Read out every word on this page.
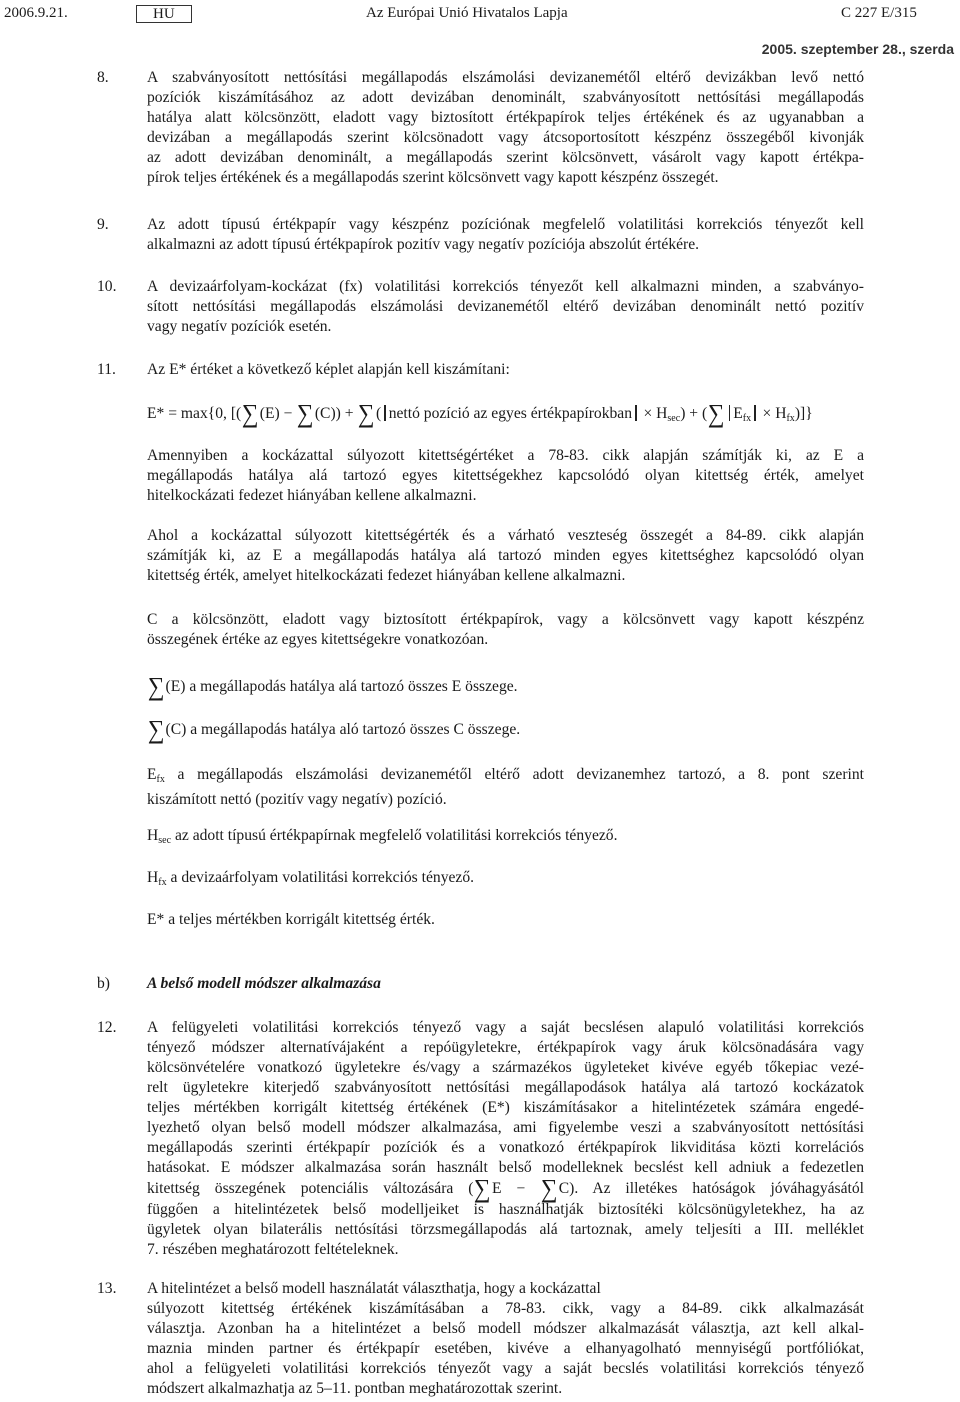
2006.9.21.	HU	Az Európai Unió Hivatalos Lapja	C 227 E/315
2005. szeptember 28., szerda
8. A szabványosított nettósítási megállapodás elszámolási devizanemétől eltérő devizákban levő nettó

pozíciók kiszámításához az adott devizában denominált, szabványosított nettósítási megállapodás

hatálya alatt kölcsönzött, eladott vagy biztosított értékpapírok teljes értékének és az ugyanabban a

devizában a megállapodás szerint kölcsönadott vagy átcsoportosított készpénz összegéből kivonják

az adott devizában denominált, a megállapodás szerint kölcsönvett, vásárolt vagy kapott értékpa-

pírok teljes értékének és a megállapodás szerint kölcsönvett vagy kapott készpénz összegét.

9. Az adott típusú értékpapír vagy készpénz pozíciónak megfelelő volatilitási korrekciós tényezőt kell

alkalmazni az adott típusú értékpapírok pozitív vagy negatív pozíciója abszolút értékére.

10. A devizaárfolyam-kockázat (fx) volatilitási korrekciós tényezőt kell alkalmazni minden, a szabványo-

sított nettósítási megállapodás elszámolási devizanemétől eltérő devizában denominált nettó pozitív

vagy negatív pozíciók esetén.

11. Az E* értéket a következő képlet alapján kell kiszámítani:

E* = max{0, [(∑(E) − ∑(C)) + ∑( nettó pozíció az egyes értékpapírokban × $H_{sec}$) + (∑ $E_{fx} \times H_{fx}$)]}

Amennyiben a kockázattal súlyozott kitettségértéket a 78-83. cikk alapján számítják ki, az E a

megállapodás hatálya alá tartozó egyes kitettségekhez kapcsolódó olyan kitettség érték, amelyet

hitelkockázati fedezet hiányában kellene alkalmazni.

Ahol a kockázattal súlyozott kitettségérték és a várható veszteség összegét a 84-89. cikk alapján

számítják ki, az E a megállapodás hatálya alá tartozó minden egyes kitettséghez kapcsolódó olyan

kitettség érték, amelyet hitelkockázati fedezet hiányában kellene alkalmazni.

C a kölcsönzött, eladott vagy biztosított értékpapírok, vagy a kölcsönvett vagy kapott készpénz

összegének értéke az egyes kitettségekre vonatkozóan.

∑(E) a megállapodás hatálya alá tartozó összes E összege.

∑(C) a megállapodás hatálya aló tartozó összes C összege.

$E_{fx}$ a megállapodás elszámolási devizanemétől eltérő adott devizanemhez tartozó, a 8. pont szerint

kiszámított nettó (pozitív vagy negatív) pozíció.

$H_{sec}$ az adott típusú értékpapírnak megfelelő volatilitási korrekciós tényező.

$H_{fx}$ a devizaárfolyam volatilitási korrekciós tényező.

E* a teljes mértékben korrigált kitettség érték.

b) A belső modell módszer alkalmazása

12. A felügyeleti volatilitási korrekciós tényező vagy a saját becslésen alapuló volatilitási korrekciós

tényező módszer alternatívájaként a repóügyletekre, értékpapírok vagy áruk kölcsönadására vagy

kölcsönvételére vonatkozó ügyletekre és/vagy a származékos ügyleteket kivéve egyéb tőkepiac vezé-

relt ügyletekre kiterjedő szabványosított nettósítási megállapodások hatálya alá tartozó kockázatok

teljes mértékben korrigált kitettség értékének (E*) kiszámításakor a hitelintézetek számára engedé-

lyezhető olyan belső modell módszer alkalmazása, ami figyelembe veszi a szabványosított nettósítási

megállapodás szerinti értékpapír pozíciók és a vonatkozó értékpapírok likviditása közti korrelációs

hatásokat. E módszer alkalmazása során használt belső modelleknek becslést kell adniuk a fedezetlen

kitettség összegének potenciális változására (∑E − ∑C). Az illetékes hatóságok jóváhagyásától

függően a hitelintézetek belső modelljeiket is használhatják biztosítéki kölcsönügyletekhez, ha az

ügyletek olyan bilaterális nettósítási törzsmegállapodás alá tartoznak, amely teljesíti a III. melléklet

7. részében meghatározott feltételeknek.

13. A hitelintézet a belső modell használatát választhatja, hogy a kockázattal

súlyozott kitettség értékének kiszámításában a 78-83. cikk, vagy a 84-89. cikk alkalmazását

választja. Azonban ha a hitelintézet a belső modell módszer alkalmazását választja, azt kell alkal-

maznia minden partner és értékpapír esetében, kivéve a elhanyagolható mennyiségű portfóliókat,

ahol a felügyeleti volatilitási korrekciós tényezőt vagy a saját becslés volatilitási korrekciós tényező

módszert alkalmazhatja az 5–11. pontban meghatározottak szerint.
